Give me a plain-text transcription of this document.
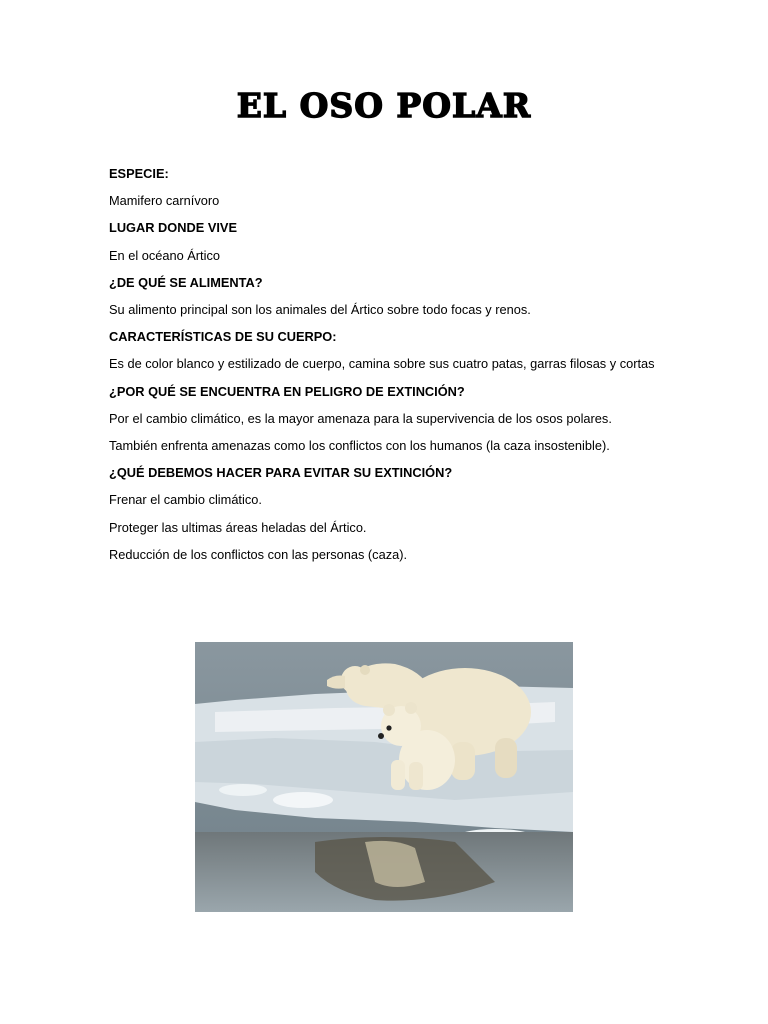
EL OSO POLAR
ESPECIE:
Mamifero carnívoro
LUGAR DONDE VIVE
En el océano Ártico
¿DE QUÉ SE ALIMENTA?
Su alimento principal son los animales del Ártico sobre todo focas y renos.
CARACTERÍSTICAS DE SU CUERPO:
Es de color blanco y estilizado de cuerpo, camina sobre sus cuatro patas, garras filosas y cortas
¿POR QUÉ SE ENCUENTRA EN PELIGRO DE EXTINCIÓN?
Por el cambio climático, es la mayor amenaza para la supervivencia de los osos polares.
También enfrenta amenazas como los conflictos con los humanos (la caza insostenible).
¿QUÉ DEBEMOS HACER PARA EVITAR SU EXTINCIÓN?
Frenar el cambio climático.
Proteger las ultimas áreas heladas del Ártico.
Reducción de los conflictos con las personas (caza).
